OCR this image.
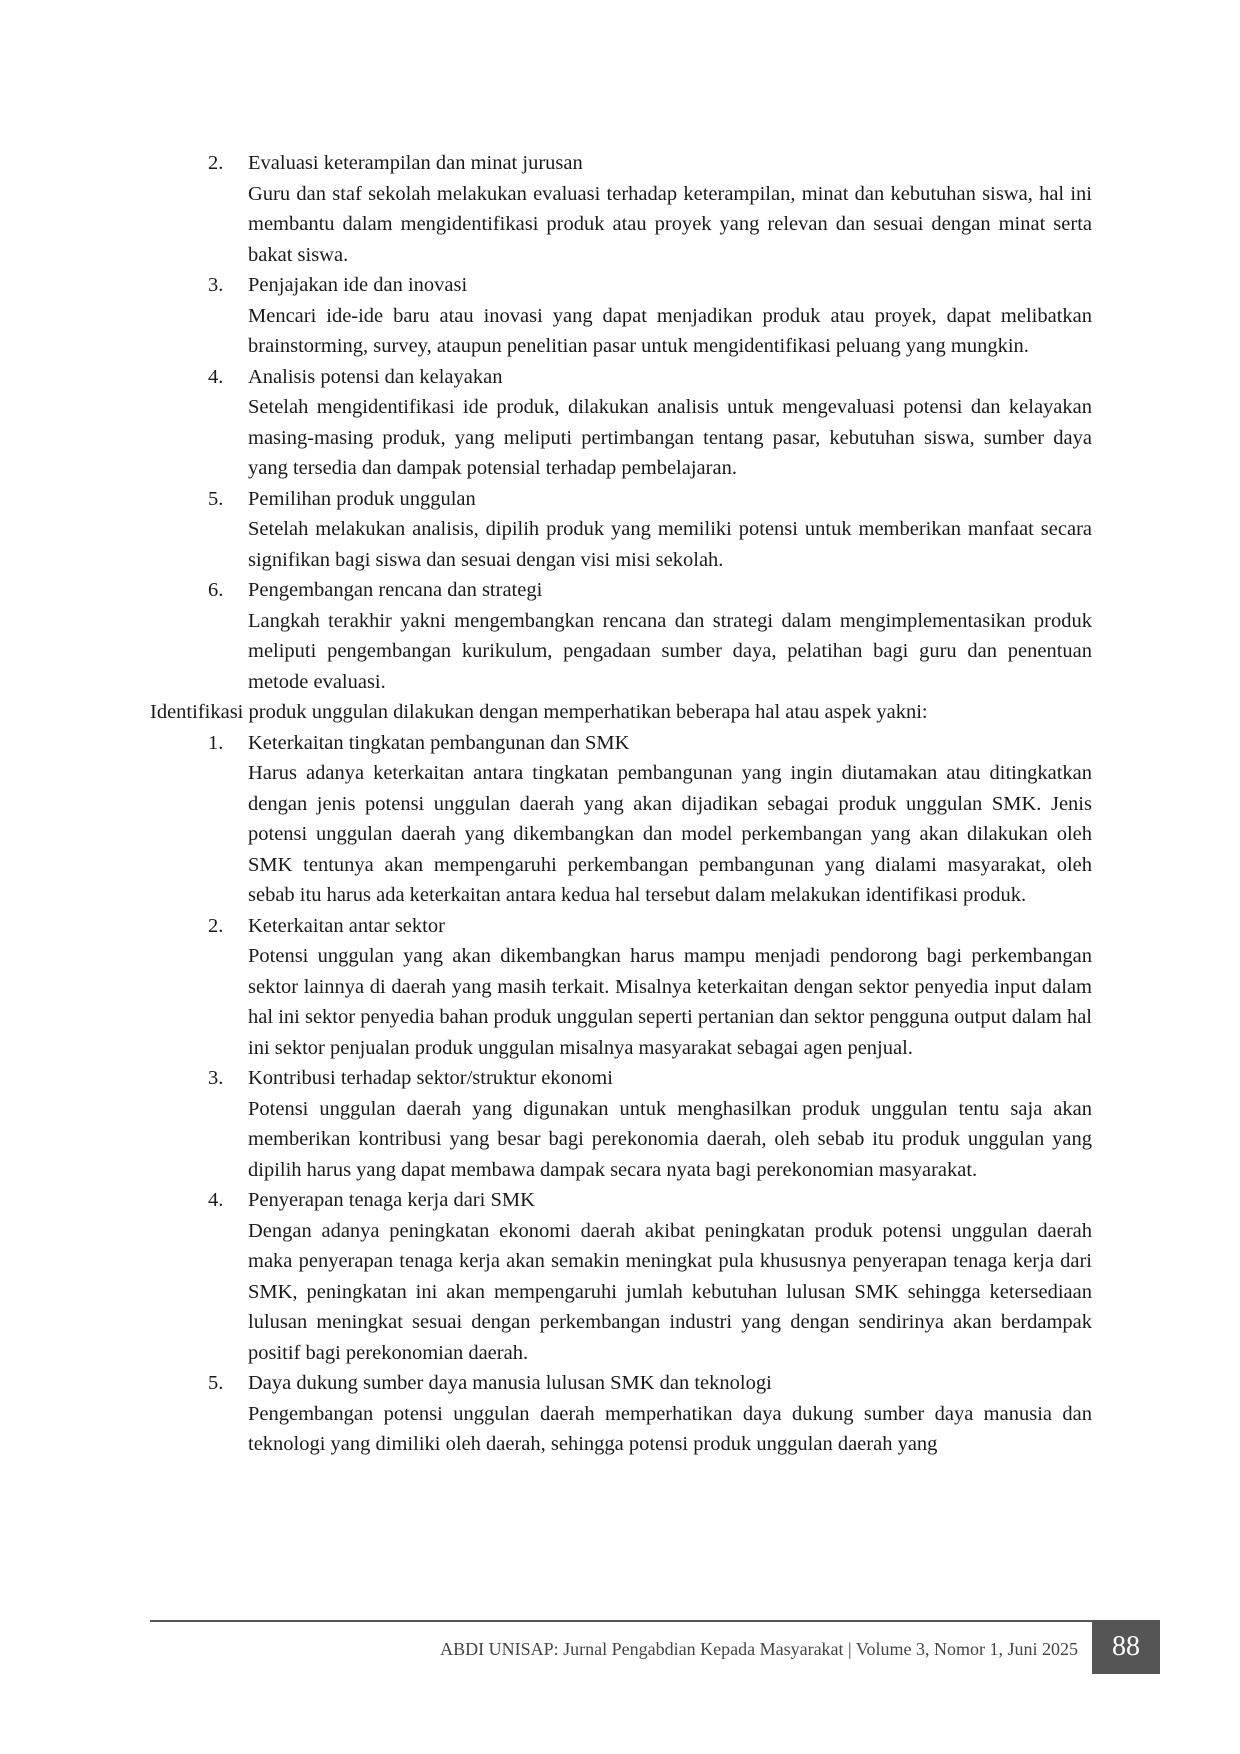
2. Evaluasi keterampilan dan minat jurusan
Guru dan staf sekolah melakukan evaluasi terhadap keterampilan, minat dan kebutuhan siswa, hal ini membantu dalam mengidentifikasi produk atau proyek yang relevan dan sesuai dengan minat serta bakat siswa.
3. Penjajakan ide dan inovasi
Mencari ide-ide baru atau inovasi yang dapat menjadikan produk atau proyek, dapat melibatkan brainstorming, survey, ataupun penelitian pasar untuk mengidentifikasi peluang yang mungkin.
4. Analisis potensi dan kelayakan
Setelah mengidentifikasi ide produk, dilakukan analisis untuk mengevaluasi potensi dan kelayakan masing-masing produk, yang meliputi pertimbangan tentang pasar, kebutuhan siswa, sumber daya yang tersedia dan dampak potensial terhadap pembelajaran.
5. Pemilihan produk unggulan
Setelah melakukan analisis, dipilih produk yang memiliki potensi untuk memberikan manfaat secara signifikan bagi siswa dan sesuai dengan visi misi sekolah.
6. Pengembangan rencana dan strategi
Langkah terakhir yakni mengembangkan rencana dan strategi dalam mengimplementasikan produk meliputi pengembangan kurikulum, pengadaan sumber daya, pelatihan bagi guru dan penentuan metode evaluasi.

Identifikasi produk unggulan dilakukan dengan memperhatikan beberapa hal atau aspek yakni:

1. Keterkaitan tingkatan pembangunan dan SMK
Harus adanya keterkaitan antara tingkatan pembangunan yang ingin diutamakan atau ditingkatkan dengan jenis potensi unggulan daerah yang akan dijadikan sebagai produk unggulan SMK. Jenis potensi unggulan daerah yang dikembangkan dan model perkembangan yang akan dilakukan oleh SMK tentunya akan mempengaruhi perkembangan pembangunan yang dialami masyarakat, oleh sebab itu harus ada keterkaitan antara kedua hal tersebut dalam melakukan identifikasi produk.
2. Keterkaitan antar sektor
Potensi unggulan yang akan dikembangkan harus mampu menjadi pendorong bagi perkembangan sektor lainnya di daerah yang masih terkait. Misalnya keterkaitan dengan sektor penyedia input dalam hal ini sektor penyedia bahan produk unggulan seperti pertanian dan sektor pengguna output dalam hal ini sektor penjualan produk unggulan misalnya masyarakat sebagai agen penjual.
3. Kontribusi terhadap sektor/struktur ekonomi
Potensi unggulan daerah yang digunakan untuk menghasilkan produk unggulan tentu saja akan memberikan kontribusi yang besar bagi perekonomia daerah, oleh sebab itu produk unggulan yang dipilih harus yang dapat membawa dampak secara nyata bagi perekonomian masyarakat.
4. Penyerapan tenaga kerja dari SMK
Dengan adanya peningkatan ekonomi daerah akibat peningkatan produk potensi unggulan daerah maka penyerapan tenaga kerja akan semakin meningkat pula khususnya penyerapan tenaga kerja dari SMK, peningkatan ini akan mempengaruhi jumlah kebutuhan lulusan SMK sehingga ketersediaan lulusan meningkat sesuai dengan perkembangan industri yang dengan sendirinya akan berdampak positif bagi perekonomian daerah.
5. Daya dukung sumber daya manusia lulusan SMK dan teknologi
Pengembangan potensi unggulan daerah memperhatikan daya dukung sumber daya manusia dan teknologi yang dimiliki oleh daerah, sehingga potensi produk unggulan daerah yang
ABDI UNISAP: Jurnal Pengabdian Kepada Masyarakat | Volume 3, Nomor 1, Juni 2025	88
